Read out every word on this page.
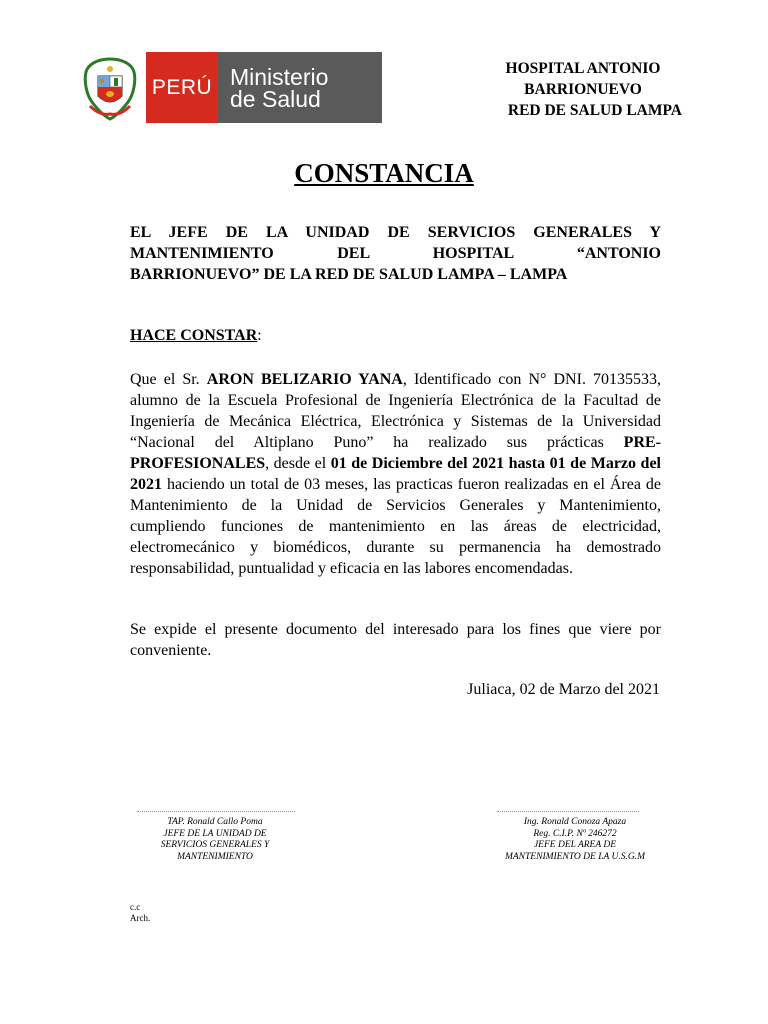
PERÚ Ministerio
de Salud
HOSPITAL ANTONIO
BARRIONUEVO
RED DE SALUD LAMPA
CONSTANCIA
EL JEFE DE LA UNIDAD DE SERVICIOS GENERALES Y
MANTENIMIENTO DEL HOSPITAL “ANTONIO
BARRIONUEVO” DE LA RED DE SALUD LAMPA – LAMPA
HACE CONSTAR:
Que el Sr. ARON BELIZARIO YANA, Identificado con N° DNI. 70135533, alumno de la Escuela Profesional de Ingeniería Electrónica de la Facultad de Ingeniería de Mecánica Eléctrica, Electrónica y Sistemas de la Universidad “Nacional del Altiplano Puno” ha realizado sus prácticas PRE-PROFESIONALES, desde el 01 de Diciembre del 2021 hasta 01 de Marzo del 2021 haciendo un total de 03 meses, las practicas fueron realizadas en el Área de Mantenimiento de la Unidad de Servicios Generales y Mantenimiento, cumpliendo funciones de mantenimiento en las áreas de electricidad, electromecánico y biomédicos, durante su permanencia ha demostrado responsabilidad, puntualidad y eficacia en las labores encomendadas.
Se expide el presente documento del interesado para los fines que viere por conveniente.
Juliaca, 02 de Marzo del 2021
TAP. Ronald Callo Poma
JEFE DE LA UNIDAD DE
SERVICIOS GENERALES Y
MANTENIMIENTO
Ing. Ronald Conoza Apaza
Reg. C.I.P. Nº 246272
JEFE DEL AREA DE
MANTENIMIENTO DE LA U.S.G.M
c.c
Arch.
